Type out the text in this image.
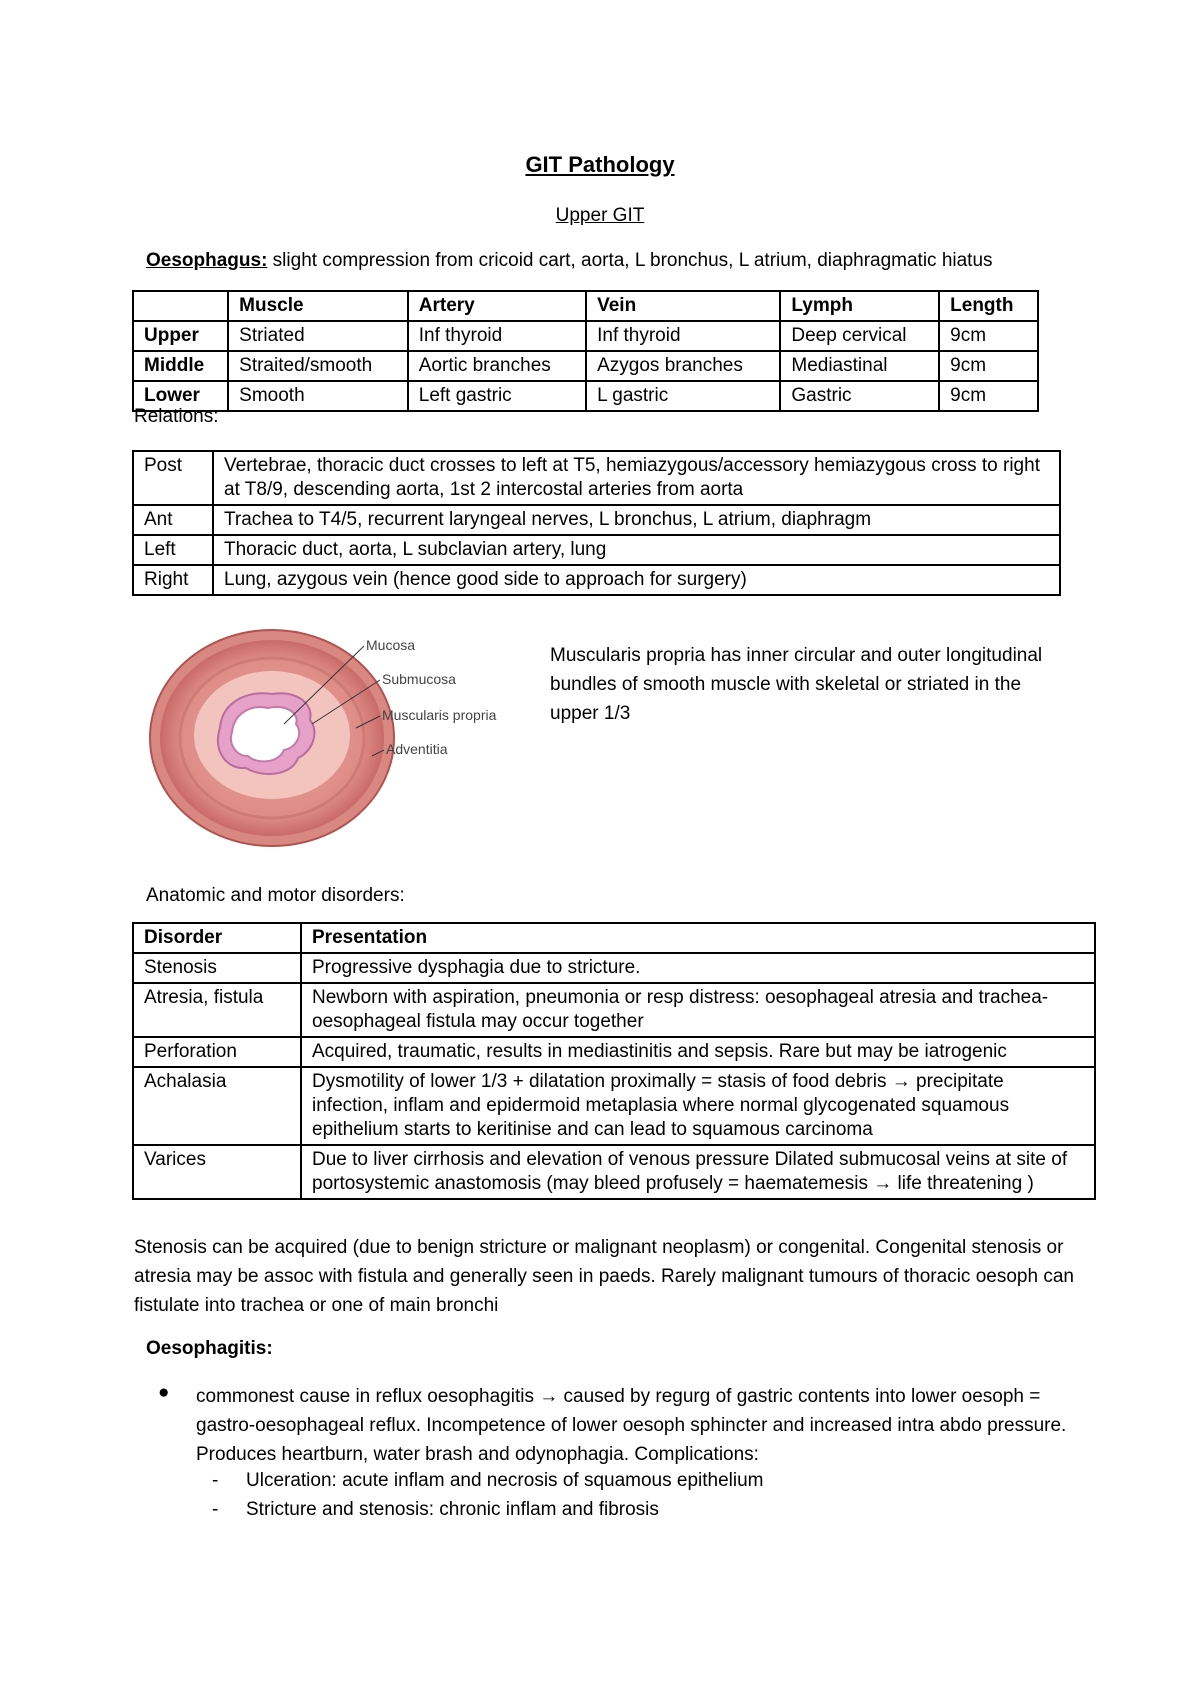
GIT Pathology
Upper GIT
Oesophagus: slight compression from cricoid cart, aorta, L bronchus, L atrium, diaphragmatic hiatus
	Muscle	Artery	Vein	Lymph	Length
Upper	Striated	Inf thyroid	Inf thyroid	Deep cervical	9cm
Middle	Straited/smooth	Aortic branches	Azygos branches	Mediastinal	9cm
Lower	Smooth	Left gastric	L gastric	Gastric	9cm
Relations:
Post	Vertebrae, thoracic duct crosses to left at T5, hemiazygous/accessory hemiazygous cross to right at T8/9, descending aorta, 1st 2 intercostal arteries from aorta
Ant	Trachea to T4/5, recurrent laryngeal nerves, L bronchus, L atrium, diaphragm
Left	Thoracic duct, aorta, L subclavian artery, lung
Right	Lung, azygous vein (hence good side to approach for surgery)
Mucosa
Submucosa
Muscularis propria
Adventitia
Muscularis propria has inner circular and outer longitudinal bundles of smooth muscle with skeletal or striated in the upper 1/3
Anatomic and motor disorders:
Disorder	Presentation
Stenosis	Progressive dysphagia due to stricture.
Atresia, fistula	Newborn with aspiration, pneumonia or resp distress: oesophageal atresia and trachea-oesophageal fistula may occur together
Perforation	Acquired, traumatic, results in mediastinitis and sepsis. Rare but may be iatrogenic
Achalasia	Dysmotility of lower 1/3 + dilatation proximally = stasis of food debris → precipitate infection, inflam and epidermoid metaplasia where normal glycogenated squamous epithelium starts to keritinise and can lead to squamous carcinoma
Varices	Due to liver cirrhosis and elevation of venous pressure Dilated submucosal veins at site of portosystemic anastomosis (may bleed profusely = haematemesis → life threatening )
Stenosis can be acquired (due to benign stricture or malignant neoplasm) or congenital. Congenital stenosis or atresia may be assoc with fistula and generally seen in paeds. Rarely malignant tumours of thoracic oesoph can fistulate into trachea or one of main bronchi
Oesophagitis:
● commonest cause in reflux oesophagitis → caused by regurg of gastric contents into lower oesoph = gastro-oesophageal reflux. Incompetence of lower oesoph sphincter and increased intra abdo pressure. Produces heartburn, water brash and odynophagia. Complications:
- Ulceration: acute inflam and necrosis of squamous epithelium
- Stricture and stenosis: chronic inflam and fibrosis
